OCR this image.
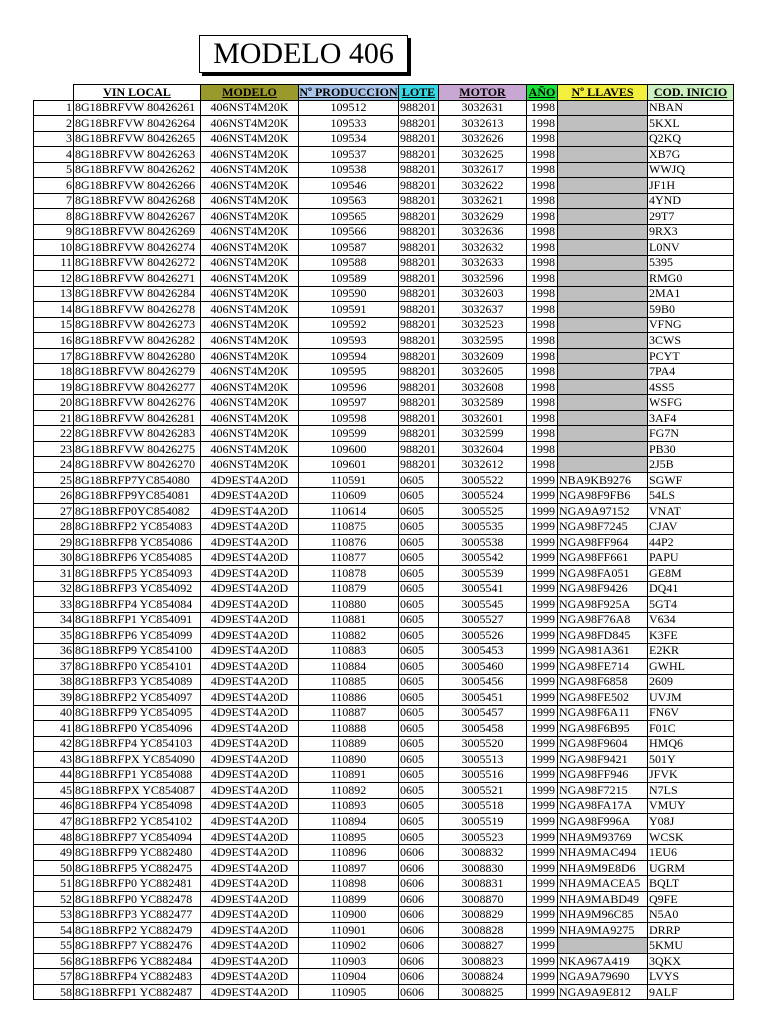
MODELO 406
	VIN LOCAL	MODELO	Nº PRODUCCION	LOTE	MOTOR	AÑO	Nº LLAVES	COD. INICIO
1	8G18BRFVW 80426261	406NST4M20K	109512	988201	3032631	1998		NBAN
2	8G18BRFVW 80426264	406NST4M20K	109533	988201	3032613	1998		5KXL
3	8G18BRFVW 80426265	406NST4M20K	109534	988201	3032626	1998		Q2KQ
4	8G18BRFVW 80426263	406NST4M20K	109537	988201	3032625	1998		XB7G
5	8G18BRFVW 80426262	406NST4M20K	109538	988201	3032617	1998		WWJQ
6	8G18BRFVW 80426266	406NST4M20K	109546	988201	3032622	1998		JF1H
7	8G18BRFVW 80426268	406NST4M20K	109563	988201	3032621	1998		4YND
8	8G18BRFVW 80426267	406NST4M20K	109565	988201	3032629	1998		29T7
9	8G18BRFVW 80426269	406NST4M20K	109566	988201	3032636	1998		9RX3
10	8G18BRFVW 80426274	406NST4M20K	109587	988201	3032632	1998		L0NV
11	8G18BRFVW 80426272	406NST4M20K	109588	988201	3032633	1998		5395
12	8G18BRFVW 80426271	406NST4M20K	109589	988201	3032596	1998		RMG0
13	8G18BRFVW 80426284	406NST4M20K	109590	988201	3032603	1998		2MA1
14	8G18BRFVW 80426278	406NST4M20K	109591	988201	3032637	1998		59B0
15	8G18BRFVW 80426273	406NST4M20K	109592	988201	3032523	1998		VFNG
16	8G18BRFVW 80426282	406NST4M20K	109593	988201	3032595	1998		3CWS
17	8G18BRFVW 80426280	406NST4M20K	109594	988201	3032609	1998		PCYT
18	8G18BRFVW 80426279	406NST4M20K	109595	988201	3032605	1998		7PA4
19	8G18BRFVW 80426277	406NST4M20K	109596	988201	3032608	1998		4SS5
20	8G18BRFVW 80426276	406NST4M20K	109597	988201	3032589	1998		WSFG
21	8G18BRFVW 80426281	406NST4M20K	109598	988201	3032601	1998		3AF4
22	8G18BRFVW 80426283	406NST4M20K	109599	988201	3032599	1998		FG7N
23	8G18BRFVW 80426275	406NST4M20K	109600	988201	3032604	1998		PB30
24	8G18BRFVW 80426270	406NST4M20K	109601	988201	3032612	1998		2J5B
25	8G18BRFP7YC854080	4D9EST4A20D	110591	0605	3005522	1999	NBA9KB9276	SGWF
26	8G18BRFP9YC854081	4D9EST4A20D	110609	0605	3005524	1999	NGA98F9FB6	54LS
27	8G18BRFP0YC854082	4D9EST4A20D	110614	0605	3005525	1999	NGA9A97152	VNAT
28	8G18BRFP2 YC854083	4D9EST4A20D	110875	0605	3005535	1999	NGA98F7245	CJAV
29	8G18BRFP8 YC854086	4D9EST4A20D	110876	0605	3005538	1999	NGA98FF964	44P2
30	8G18BRFP6 YC854085	4D9EST4A20D	110877	0605	3005542	1999	NGA98FF661	PAPU
31	8G18BRFP5 YC854093	4D9EST4A20D	110878	0605	3005539	1999	NGA98FA051	GE8M
32	8G18BRFP3 YC854092	4D9EST4A20D	110879	0605	3005541	1999	NGA98F9426	DQ41
33	8G18BRFP4 YC854084	4D9EST4A20D	110880	0605	3005545	1999	NGA98F925A	5GT4
34	8G18BRFP1 YC854091	4D9EST4A20D	110881	0605	3005527	1999	NGA98F76A8	V634
35	8G18BRFP6 YC854099	4D9EST4A20D	110882	0605	3005526	1999	NGA98FD845	K3FE
36	8G18BRFP9 YC854100	4D9EST4A20D	110883	0605	3005453	1999	NGA981A361	E2KR
37	8G18BRFP0 YC854101	4D9EST4A20D	110884	0605	3005460	1999	NGA98FE714	GWHL
38	8G18BRFP3 YC854089	4D9EST4A20D	110885	0605	3005456	1999	NGA98F6858	2609
39	8G18BRFP2 YC854097	4D9EST4A20D	110886	0605	3005451	1999	NGA98FE502	UVJM
40	8G18BRFP9 YC854095	4D9EST4A20D	110887	0605	3005457	1999	NGA98F6A11	FN6V
41	8G18BRFP0 YC854096	4D9EST4A20D	110888	0605	3005458	1999	NGA98F6B95	F01C
42	8G18BRFP4 YC854103	4D9EST4A20D	110889	0605	3005520	1999	NGA98F9604	HMQ6
43	8G18BRFPX YC854090	4D9EST4A20D	110890	0605	3005513	1999	NGA98F9421	501Y
44	8G18BRFP1 YC854088	4D9EST4A20D	110891	0605	3005516	1999	NGA98FF946	JFVK
45	8G18BRFPX YC854087	4D9EST4A20D	110892	0605	3005521	1999	NGA98F7215	N7LS
46	8G18BRFP4 YC854098	4D9EST4A20D	110893	0605	3005518	1999	NGA98FA17A	VMUY
47	8G18BRFP2 YC854102	4D9EST4A20D	110894	0605	3005519	1999	NGA98F996A	Y08J
48	8G18BRFP7 YC854094	4D9EST4A20D	110895	0605	3005523	1999	NHA9M93769	WCSK
49	8G18BRFP9 YC882480	4D9EST4A20D	110896	0606	3008832	1999	NHA9MAC494	1EU6
50	8G18BRFP5 YC882475	4D9EST4A20D	110897	0606	3008830	1999	NHA9M9E8D6	UGRM
51	8G18BRFP0 YC882481	4D9EST4A20D	110898	0606	3008831	1999	NHA9MACEA5	BQLT
52	8G18BRFP0 YC882478	4D9EST4A20D	110899	0606	3008870	1999	NHA9MABD49	Q9FE
53	8G18BRFP3 YC882477	4D9EST4A20D	110900	0606	3008829	1999	NHA9M96C85	N5A0
54	8G18BRFP2 YC882479	4D9EST4A20D	110901	0606	3008828	1999	NHA9MA9275	DRRP
55	8G18BRFP7 YC882476	4D9EST4A20D	110902	0606	3008827	1999		5KMU
56	8G18BRFP6 YC882484	4D9EST4A20D	110903	0606	3008823	1999	NKA967A419	3QKX
57	8G18BRFP4 YC882483	4D9EST4A20D	110904	0606	3008824	1999	NGA9A79690	LVYS
58	8G18BRFP1 YC882487	4D9EST4A20D	110905	0606	3008825	1999	NGA9A9E812	9ALF
